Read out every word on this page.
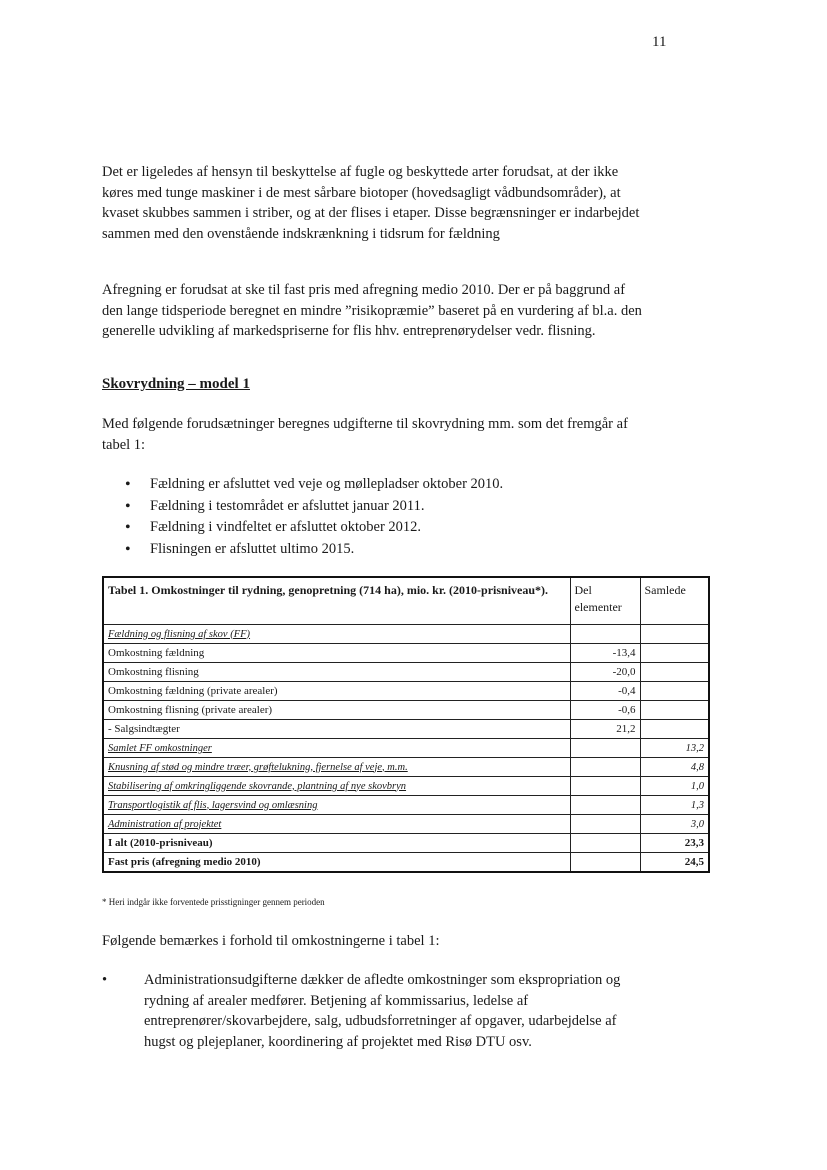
11

Det er ligeledes af hensyn til beskyttelse af fugle og beskyttede arter forudsat, at der ikke køres med tunge maskiner i de mest sårbare biotoper (hovedsagligt vådbundsområder), at kvaset skubbes sammen i striber, og at der flises i etaper. Disse begrænsninger er indarbejdet sammen med den ovenstående indskrænkning i tidsrum for fældning

Afregning er forudsat at ske til fast pris med afregning medio 2010. Der er på baggrund af den lange tidsperiode beregnet en mindre ”risikopræmie” baseret på en vurdering af bl.a. den generelle udvikling af markedspriserne for flis hhv. entreprenørydelser vedr. flisning.

Skovrydning – model 1

Med følgende forudsætninger beregnes udgifterne til skovrydning mm. som det fremgår af tabel 1:

• Fældning er afsluttet ved veje og møllepladser oktober 2010.
• Fældning i testområdet er afsluttet januar 2011.
• Fældning i vindfeltet er afsluttet oktober 2012.
• Flisningen er afsluttet ultimo 2015.
Tabel 1. Omkostninger til rydning, genopretning (714 ha), mio. kr. (2010-prisniveau*).	Del elementer	Samlede
Fældning og flisning af skov (FF)		
Omkostning fældning	-13,4	
Omkostning flisning	-20,0	
Omkostning fældning (private arealer)	-0,4	
Omkostning flisning (private arealer)	-0,6	
- Salgsindtægter	21,2	
Samlet FF omkostninger		13,2
Knusning af stød og mindre træer, grøftelukning, fjernelse af veje, m.m.		4,8
Stabilisering af omkringliggende skovrande, plantning af nye skovbryn		1,0
Transportlogistik af flis, lagersvind og omlæsning		1,3
Administration af projektet		3,0
I alt (2010-prisniveau)		23,3
Fast pris (afregning medio 2010)		24,5
* Heri indgår ikke forventede prisstigninger gennem perioden
Følgende bemærkes i forhold til omkostningerne i tabel 1:
•	Administrationsudgifterne dækker de afledte omkostninger som ekspropriation og rydning af arealer medfører. Betjening af kommissarius, ledelse af entreprenører/skovarbejdere, salg, udbudsforretninger af opgaver, udarbejdelse af hugst og plejeplaner, koordinering af projektet med Risø DTU osv.
